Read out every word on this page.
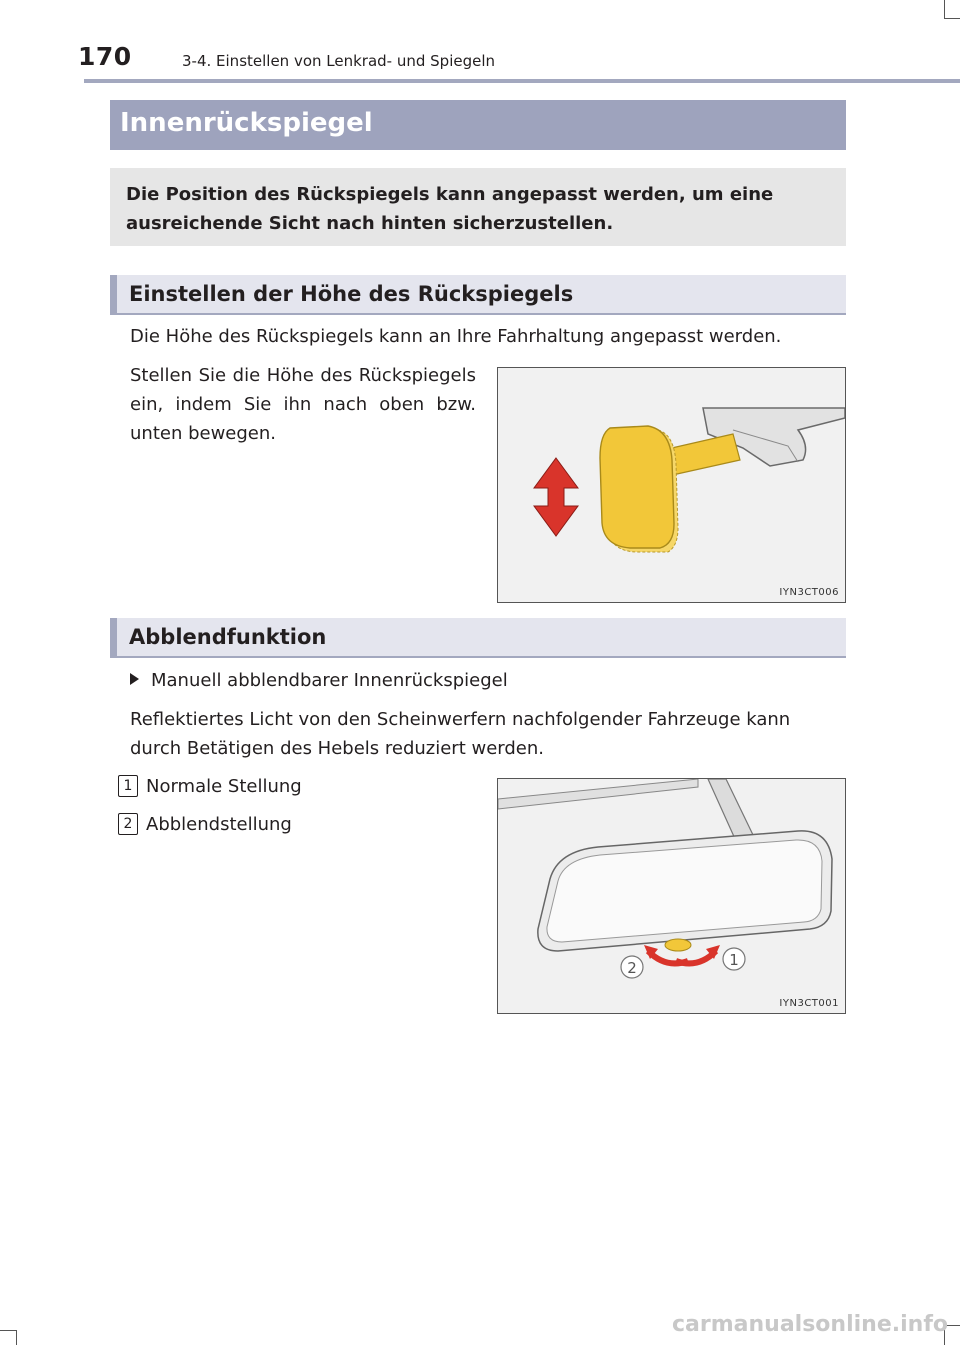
170	3-4. Einstellen von Lenkrad- und Spiegeln
Innenrückspiegel

Die Position des Rückspiegels kann angepasst werden, um eine ausreichende Sicht nach hinten sicherzustellen.

Einstellen der Höhe des Rückspiegels

Die Höhe des Rückspiegels kann an Ihre Fahrhaltung angepasst werden.

Stellen Sie die Höhe des Rückspiegels ein, indem Sie ihn nach oben bzw. unten bewegen.

IYN3CT006
Abblendfunktion
Manuell abblendbarer Innenrückspiegel

Reflektiertes Licht von den Scheinwerfern nachfolgender Fahrzeuge kann durch Betätigen des Hebels reduziert werden.

1 Normale Stellung
2 Abblendstellung
2	1
IYN3CT001
carmanualsonline.info
